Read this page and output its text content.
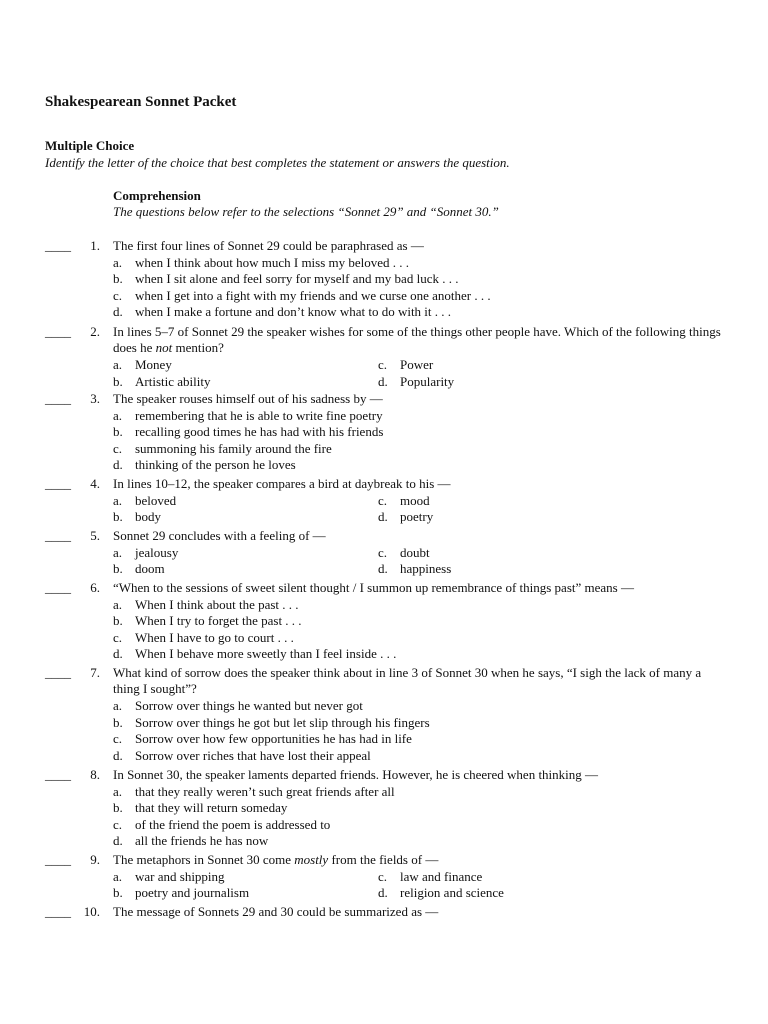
Shakespearean Sonnet Packet
Multiple Choice
Identify the letter of the choice that best completes the statement or answers the question.
Comprehension
The questions below refer to the selections “Sonnet 29” and “Sonnet 30.”
____	1. The first four lines of Sonnet 29 could be paraphrased as —
a. when I think about how much I miss my beloved . . .
b. when I sit alone and feel sorry for myself and my bad luck . . .
c. when I get into a fight with my friends and we curse one another . . .
d. when I make a fortune and don’t know what to do with it . . .
____	2. In lines 5–7 of Sonnet 29 the speaker wishes for some of the things other people have. Which of the following things does he not mention?
a. Money
b. Artistic ability
c. Power
d. Popularity
____	3. The speaker rouses himself out of his sadness by —
a. remembering that he is able to write fine poetry
b. recalling good times he has had with his friends
c. summoning his family around the fire
d. thinking of the person he loves
____	4. In lines 10–12, the speaker compares a bird at daybreak to his —
a. beloved
b. body
c. mood
d. poetry
____	5. Sonnet 29 concludes with a feeling of —
a. jealousy
b. doom
c. doubt
d. happiness
____	6. “When to the sessions of sweet silent thought / I summon up remembrance of things past” means —
a. When I think about the past . . .
b. When I try to forget the past . . .
c. When I have to go to court . . .
d. When I behave more sweetly than I feel inside . . .
____	7. What kind of sorrow does the speaker think about in line 3 of Sonnet 30 when he says, “I sigh the lack of many a thing I sought”?
a. Sorrow over things he wanted but never got
b. Sorrow over things he got but let slip through his fingers
c. Sorrow over how few opportunities he has had in life
d. Sorrow over riches that have lost their appeal
____	8. In Sonnet 30, the speaker laments departed friends. However, he is cheered when thinking —
a. that they really weren’t such great friends after all
b. that they will return someday
c. of the friend the poem is addressed to
d. all the friends he has now
____	9. The metaphors in Sonnet 30 come mostly from the fields of —
a. war and shipping
b. poetry and journalism
c. law and finance
d. religion and science
____ 10. The message of Sonnets 29 and 30 could be summarized as —
